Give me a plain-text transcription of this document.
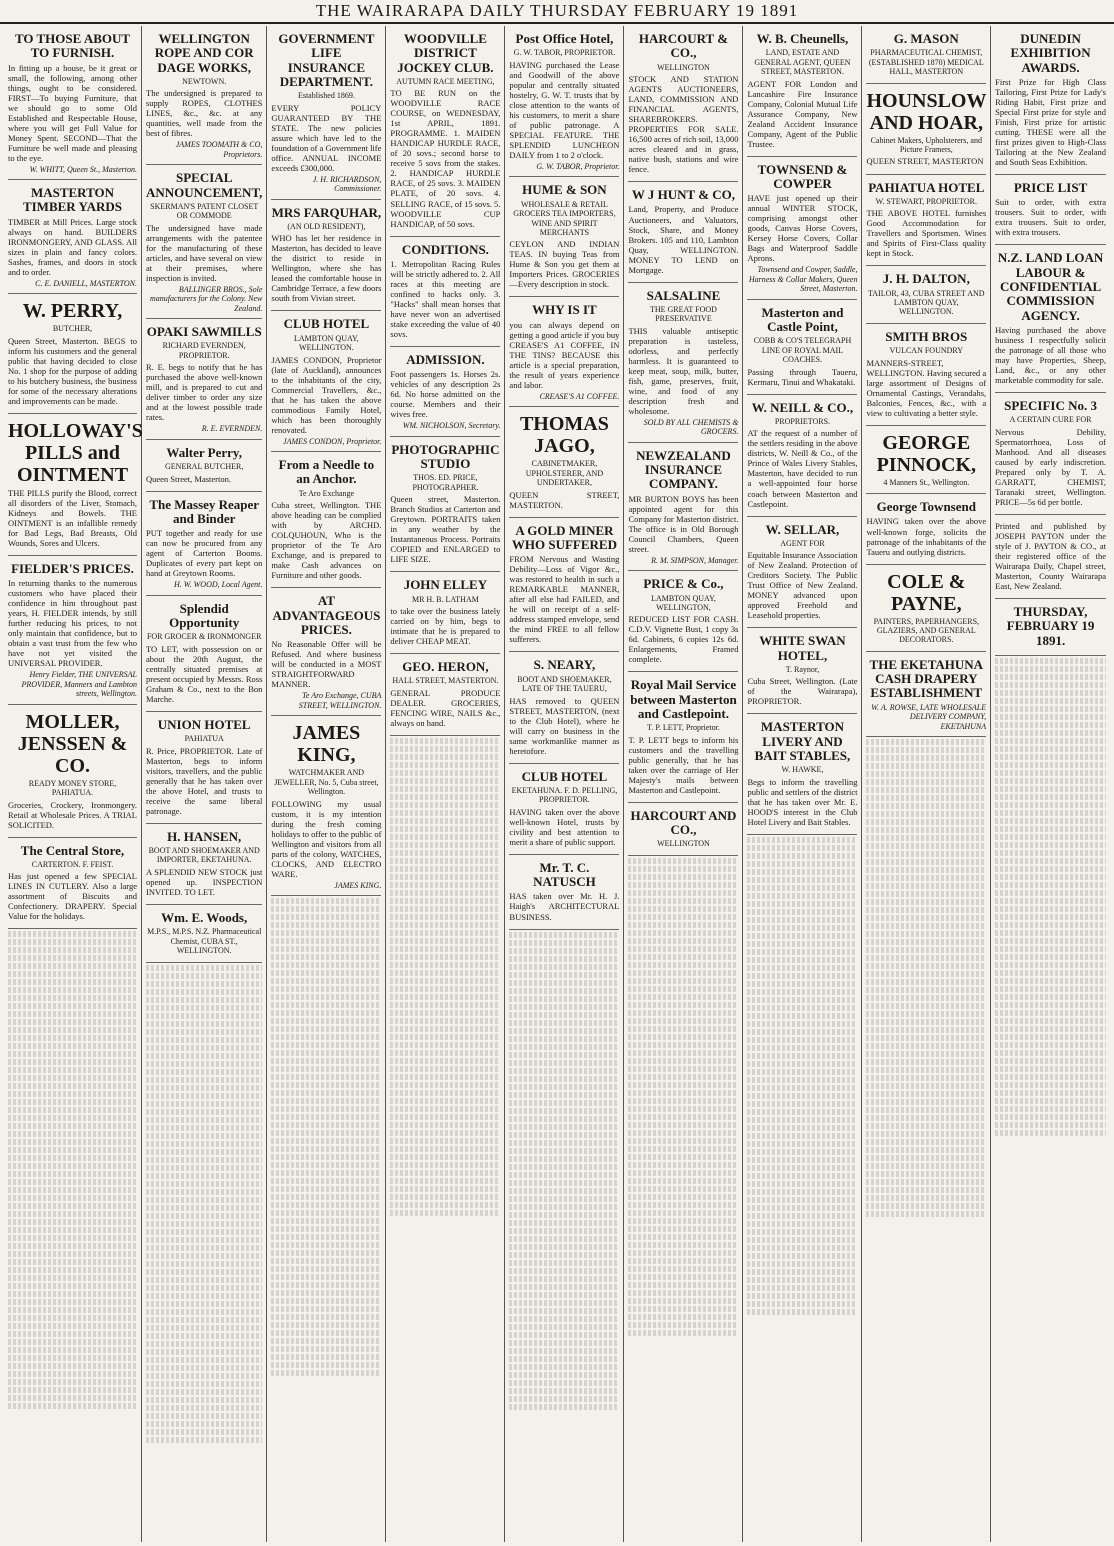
THE WAIRARAPA DAILY THURSDAY FEBRUARY 19 1891
TO THOSE ABOUT TO FURNISH.
In fitting up a house, be it great or small, the following, among other things, ought to be considered. FIRST—To buying Furniture, that we should go to some Old Established and Respectable House, where you will get Full Value for Money Spent. SECOND—That the Furniture be well made and pleasing to the eye.
W. WHITT, Queen St., Masterton.
MASTERTON TIMBER YARDS
TIMBER at Mill Prices. Large stock always on hand. BUILDERS IRONMONGERY, AND GLASS. All sizes in plain and fancy colors. Sashes, frames, and doors in stock and to order.
C. E. DANIELL, MASTERTON.
W. PERRY,
BUTCHER,
Queen Street, Masterton. BEGS to inform his customers and the general public that having decided to close No. 1 shop for the purpose of adding to his butchery business, the business for some of the necessary alterations and improvements can be made.
HOLLOWAY'S PILLS and OINTMENT
THE PILLS purify the Blood, correct all disorders of the Liver, Stomach, Kidneys and Bowels. THE OINTMENT is an infallible remedy for Bad Legs, Bad Breasts, Old Wounds, Sores and Ulcers.
FIELDER'S PRICES.
In returning thanks to the numerous customers who have placed their confidence in him throughout past years, H. FIELDER intends, by still further reducing his prices, to not only maintain that confidence, but to obtain a vast trust from the few who have not yet visited the UNIVERSAL PROVIDER.
Henry Fielder, THE UNIVERSAL PROVIDER, Manners and Lambton streets, Wellington.
MOLLER, JENSSEN & CO.
READY MONEY STORE, PAHIATUA.
Groceries, Crockery, Ironmongery. Retail at Wholesale Prices. A TRIAL SOLICITED.
The Central Store,
CARTERTON. F. FEIST.
Has just opened a few SPECIAL LINES IN CUTLERY. Also a large assortment of Biscuits and Confectionery. DRAPERY. Special Value for the holidays.
WELLINGTON ROPE AND COR DAGE WORKS,
NEWTOWN.
The undersigned is prepared to supply ROPES, CLOTHES LINES, &c., &c. at any quantities, well made from the best of fibres.
JAMES TOOMATH & CO, Proprietors.
SPECIAL ANNOUNCEMENT,
SKERMAN'S PATENT CLOSET OR COMMODE
The undersigned have made arrangements with the patentee for the manufacturing of these articles, and have several on view at their premises, where inspection is invited.
BALLINGER BROS., Sole manufacturers for the Colony. New Zealand.
OPAKI SAWMILLS
RICHARD EVERNDEN, PROPRIETOR.
R. E. begs to notify that he has purchased the above well-known mill, and is prepared to cut and deliver timber to order any size and at the lowest possible trade rates.
R. E. EVERNDEN.
Walter Perry,
GENERAL BUTCHER,
Queen Street, Masterton.
The Massey Reaper and Binder
PUT together and ready for use can now be procured from any agent of Carterton Booms. Duplicates of every part kept on hand at Greytown Rooms.
H. W. WOOD, Local Agent.
Splendid Opportunity
FOR GROCER & IRONMONGER
TO LET, with possession on or about the 20th August, the centrally situated premises at present occupied by Messrs. Ross Graham & Co., next to the Bon Marche.
UNION HOTEL
PAHIATUA
R. Price, PROPRIETOR. Late of Masterton, begs to inform visitors, travellers, and the public generally that he has taken over the above Hotel, and trusts to receive the same liberal patronage.
H. HANSEN,
BOOT AND SHOEMAKER AND IMPORTER, EKETAHUNA.
A SPLENDID NEW STOCK just opened up. INSPECTION INVITED. TO LET.
Wm. E. Woods,
M.P.S., M.P.S. N.Z. Pharmaceutical Chemist, CUBA ST., WELLINGTON.
GOVERNMENT LIFE INSURANCE DEPARTMENT.
Established 1869.
EVERY POLICY GUARANTEED BY THE STATE. The new policies assure which have led to the foundation of a Government life office. ANNUAL INCOME exceeds £300,000.
J. H. RICHARDSON, Commissioner.
MRS FARQUHAR,
(AN OLD RESIDENT),
WHO has let her residence in Masterton, has decided to leave the district to reside in Wellington, where she has leased the comfortable house in Cambridge Terrace, a few doors south from Vivian street.
CLUB HOTEL
LAMBTON QUAY, WELLINGTON.
JAMES CONDON, Proprietor (late of Auckland), announces to the inhabitants of the city, Commercial Travellers, &c., that he has taken the above commodious Family Hotel, which has been thoroughly renovated.
JAMES CONDON, Proprietor.
From a Needle to an Anchor.
Te Aro Exchange
Cuba street, Wellington. THE above heading can be complied with by ARCHD. COLQUHOUN, Who is the proprietor of the Te Aro Exchange, and is prepared to make Cash advances on Furniture and other goods.
AT ADVANTAGEOUS PRICES.
No Reasonable Offer will be Refused. And where business will be conducted in a MOST STRAIGHTFORWARD MANNER.
Te Aro Exchange, CUBA STREET, WELLINGTON.
JAMES KING,
WATCHMAKER AND JEWELLER, No. 5, Cuba street, Wellington.
FOLLOWING my usual custom, it is my intention during the fresh coming holidays to offer to the public of Wellington and visitors from all parts of the colony, WATCHES, CLOCKS, AND ELECTRO WARE.
JAMES KING.
WOODVILLE DISTRICT JOCKEY CLUB.
AUTUMN RACE MEETING,
TO BE RUN on the WOODVILLE RACE COURSE, on WEDNESDAY, 1st APRIL, 1891. PROGRAMME. 1. MAIDEN HANDICAP HURDLE RACE, of 20 sovs.; second horse to receive 5 sovs from the stakes. 2. HANDICAP HURDLE RACE, of 25 sovs. 3. MAIDEN PLATE, of 20 sovs. 4. SELLING RACE, of 15 sovs. 5. WOODVILLE CUP HANDICAP, of 50 sovs.
CONDITIONS.
1. Metropolitan Racing Rules will be strictly adhered to. 2. All races at this meeting are confined to hacks only. 3. "Hacks" shall mean horses that have never won an advertised stake exceeding the value of 40 sovs.
ADMISSION.
Foot passengers 1s. Horses 2s. vehicles of any description 2s 6d. No horse admitted on the course. Members and their wives free.
WM. NICHOLSON, Secretary.
PHOTOGRAPHIC STUDIO
THOS. ED. PRICE, PHOTOGRAPHER.
Queen street, Masterton. Branch Studios at Carterton and Greytown. PORTRAITS taken in any weather by the Instantaneous Process. Portraits COPIED and ENLARGED to LIFE SIZE.
JOHN ELLEY
MR H. B. LATHAM
to take over the business lately carried on by him, begs to intimate that he is prepared to deliver CHEAP MEAT.
GEO. HERON,
HALL STREET, MASTERTON.
GENERAL PRODUCE DEALER. GROCERIES, FENCING WIRE, NAILS &c., always on hand.
Post Office Hotel,
G. W. TABOR, PROPRIETOR.
HAVING purchased the Lease and Goodwill of the above popular and centrally situated hostelry, G. W. T. trusts that by close attention to the wants of his customers, to merit a share of public patronage. A SPECIAL FEATURE. THE SPLENDID LUNCHEON DAILY from 1 to 2 o'clock.
G. W. TABOR, Proprietor.
HUME & SON
WHOLESALE & RETAIL GROCERS TEA IMPORTERS, WINE AND SPIRIT MERCHANTS
CEYLON AND INDIAN TEAS. IN buying Teas from Hume & Son you get them at Importers Prices. GROCERIES—Every description in stock.
WHY IS IT
you can always depend on getting a good article if you buy CREASE'S A1 COFFEE, IN THE TINS? BECAUSE this article is a special preparation, the result of years experience and labor.
CREASE'S A1 COFFEE.
THOMAS JAGO,
CABINETMAKER, UPHOLSTERER, AND UNDERTAKER,
QUEEN STREET, MASTERTON.
A GOLD MINER WHO SUFFERED
FROM Nervous and Wasting Debility—Loss of Vigor &c., was restored to health in such a REMARKABLE MANNER, after all else had FAILED, and he will on receipt of a self-address stamped envelope, send the mind FREE to all fellow sufferers.
S. NEARY,
BOOT AND SHOEMAKER, LATE OF THE TAUERU,
HAS removed to QUEEN STREET, MASTERTON, (next to the Club Hotel), where he will carry on business in the same workmanlike manner as heretofore.
CLUB HOTEL
EKETAHUNA. F. D. PELLING, PROPRIETOR.
HAVING taken over the above well-known Hotel, trusts by civility and best attention to merit a share of public support.
Mr. T. C. NATUSCH
HAS taken over Mr. H. J. Haigh's ARCHITECTURAL BUSINESS.
HARCOURT & CO.,
WELLINGTON
STOCK AND STATION AGENTS AUCTIONEERS, LAND, COMMISSION AND FINANCIAL AGENTS, SHAREBROKERS. PROPERTIES FOR SALE. 16,500 acres of rich soil, 13,000 acres cleared and in grass, native bush, stations and wire fence.
W J HUNT & CO,
Land, Property, and Produce Auctioneers, and Valuators, Stock, Share, and Money Brokers. 105 and 110, Lambton Quay, WELLINGTON. MONEY TO LEND on Mortgage.
SALSALINE
THE GREAT FOOD PRESERVATIVE
THIS valuable antiseptic preparation is tasteless, odorless, and perfectly harmless. It is guaranteed to keep meat, soup, milk, butter, fish, game, preserves, fruit, wine, and food of any description fresh and wholesome.
SOLD BY ALL CHEMISTS & GROCERS.
NEWZEALAND INSURANCE COMPANY.
MR BURTON BOYS has been appointed agent for this Company for Masterton district. The office is in Old Borough Council Chambers, Queen street.
R. M. SIMPSON, Manager.
PRICE & Co.,
LAMBTON QUAY, WELLINGTON,
REDUCED LIST FOR CASH. C.D.V. Vignette Bust, 1 copy 3s 6d. Cabinets, 6 copies 12s 6d. Enlargements, Framed complete.
Royal Mail Service between Masterton and Castlepoint.
T. P. LETT, Proprietor.
T. P. LETT begs to inform his customers and the travelling public generally, that he has taken over the carriage of Her Majesty's mails between Masterton and Castlepoint.
HARCOURT AND CO.,
WELLINGTON
W. B. Cheunells,
LAND, ESTATE AND GENERAL AGENT, QUEEN STREET, MASTERTON.
AGENT FOR London and Lancashire Fire Insurance Company, Colonial Mutual Life Assurance Company, New Zealand Accident Insurance Company, Agent of the Public Trustee.
TOWNSEND & COWPER
HAVE just opened up their annual WINTER STOCK, comprising amongst other goods, Canvas Horse Covers, Kersey Horse Covers, Collar Bags and Waterproof Saddle Aprons.
Townsend and Cowper, Saddle, Harness & Collar Makers, Queen Street, Masterton.
Masterton and Castle Point,
COBB & CO'S TELEGRAPH LINE OF ROYAL MAIL COACHES.
Passing through Taueru, Kermaru, Tinui and Whakataki.
W. NEILL & CO.,
PROPRIETORS.
AT the request of a number of the settlers residing in the above districts, W. Neill & Co., of the Prince of Wales Livery Stables, Masterton, have decided to run a well-appointed four horse coach between Masterton and Castlepoint.
W. SELLAR,
AGENT FOR
Equitable Insurance Association of New Zealand. Protection of Creditors Society. The Public Trust Office of New Zealand. MONEY advanced upon approved Freehold and Leasehold properties.
WHITE SWAN HOTEL,
T. Raynor,
Cuba Street, Wellington. (Late of the Wairarapa), PROPRIETOR.
MASTERTON LIVERY AND BAIT STABLES,
W. HAWKE,
Begs to inform the travelling public and settlers of the district that he has taken over Mr. E. HOOD'S interest in the Club Hotel Livery and Bait Stables.
G. MASON
PHARMACEUTICAL CHEMIST, (ESTABLISHED 1870) MEDICAL HALL, MASTERTON
HOUNSLOW AND HOAR,
Cabinet Makers, Upholsterers, and Picture Framers,
QUEEN STREET, MASTERTON
PAHIATUA HOTEL
W. STEWART, PROPRIETOR.
THE ABOVE HOTEL furnishes Good Accommodation for Travellers and Sportsmen. Wines and Spirits of First-Class quality kept in Stock.
J. H. DALTON,
TAILOR, 43, CUBA STREET AND LAMBTON QUAY, WELLINGTON.
SMITH BROS
VULCAN FOUNDRY
MANNERS-STREET, WELLINGTON. Having secured a large assortment of Designs of Ornamental Castings, Verandahs, Balconies, Fences, &c., with a view to cultivating a better style.
GEORGE PINNOCK,
4 Manners St., Wellington.
George Townsend
HAVING taken over the above well-known forge, solicits the patronage of the inhabitants of the Taueru and outlying districts.
COLE & PAYNE,
PAINTERS, PAPERHANGERS, GLAZIERS, AND GENERAL DECORATORS.
THE EKETAHUNA CASH DRAPERY ESTABLISHMENT
W. A. ROWSE, LATE WHOLESALE DELIVERY COMPANY, EKETAHUNA
DUNEDIN EXHIBITION AWARDS.
First Prize for High Class Tailoring, First Prize for Lady's Riding Habit, First prize and Special First prize for style and Finish, First prize for artistic cutting. THESE were all the first prizes given to High-Class Tailoring at the New Zealand and South Seas Exhibition.
PRICE LIST
Suit to order, with extra trousers. Suit to order, with extra trousers. Suit to order, with extra trousers.
N.Z. LAND LOAN LABOUR & CONFIDENTIAL COMMISSION AGENCY.
Having purchased the above business I respectfully solicit the patronage of all those who may have Properties, Sheep, Land, &c., or any other marketable commodity for sale.
SPECIFIC No. 3
A CERTAIN CURE FOR
Nervous Debility, Spermatorrhoea, Loss of Manhood. And all diseases caused by early indiscretion. Prepared only by T. A. GARRATT, CHEMIST, Taranaki street, Wellington. PRICE—5s 6d per bottle.
Printed and published by JOSEPH PAYTON under the style of J. PAYTON & CO., at their registered office of the Wairarapa Daily, Chapel street, Masterton, County Wairarapa East, New Zealand.
THURSDAY, FEBRUARY 19 1891.
